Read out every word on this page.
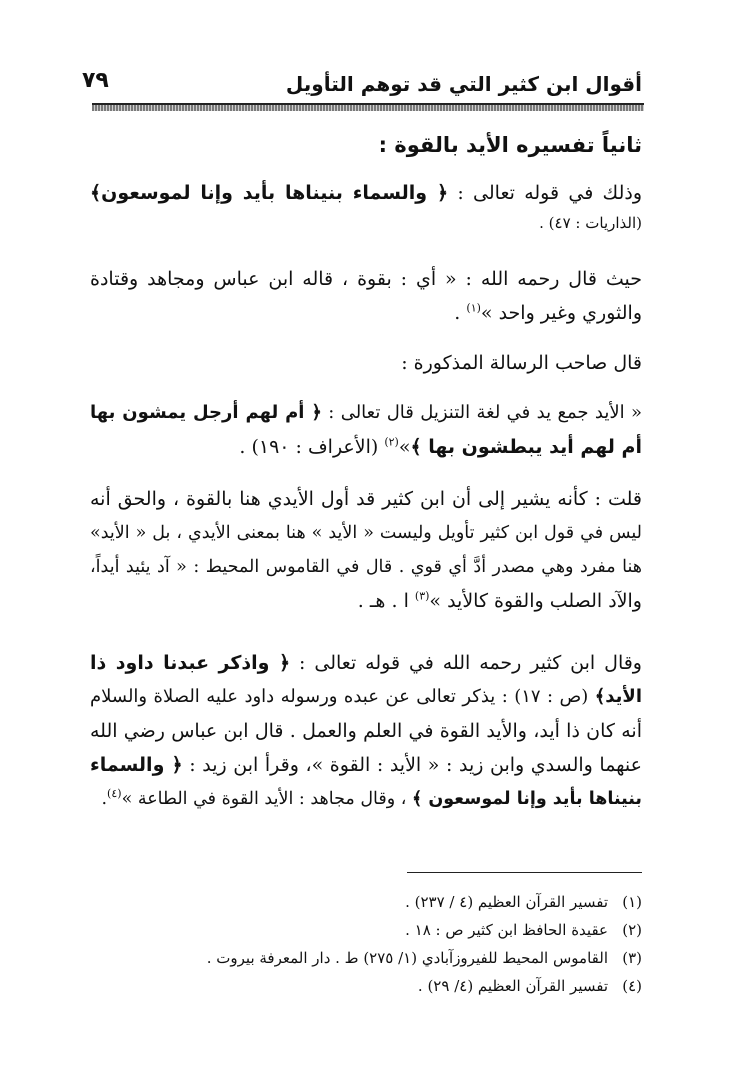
أقوال ابن كثير التي قد توهم التأويل
٧٩
ثانياً تفسيره الأيد بالقوة :
وذلك في قوله تعالى : ﴿ والسماء بنيناها بأيد وإنا لموسعون﴾
(الذاريات : ٤٧) .
حيث قال رحمه الله : « أي : بقوة ، قاله ابن عباس ومجاهد وقتادة
والثوري وغير واحد »$^{(١)}$ .
قال صاحب الرسالة المذكورة :
« الأيد جمع يد في لغة التنزيل قال تعالى : ﴿ أم لهم أرجل يمشون بها
أم لهم أيد يبطشون بها ﴾»$^{(٢)}$ (الأعراف : ١٩٠) .
قلت : كأنه يشير إلى أن ابن كثير قد أول الأيدي هنا بالقوة ، والحق أنه
ليس في قول ابن كثير تأويل وليست « الأيد » هنا بمعنى الأيدي ، بل « الأيد»
هنا مفرد وهي مصدر أدَّ أي قوي . قال في القاموس المحيط : « آد يئيد أيداً،
والآد الصلب والقوة كالأيد »$^{(٣)}$ ا . هـ .
وقال ابن كثير رحمه الله في قوله تعالى : ﴿ واذكر عبدنا داود ذا
الأيد﴾ (ص : ١٧) : يذكر تعالى عن عبده ورسوله داود عليه الصلاة والسلام
أنه كان ذا أيد، والأيد القوة في العلم والعمل . قال ابن عباس رضي الله
عنهما والسدي وابن زيد : « الأيد : القوة »، وقرأ ابن زيد : ﴿ والسماء
بنيناها بأيد وإنا لموسعون ﴾ ، وقال مجاهد : الأيد القوة في الطاعة »$^{(٤)}$.
(١)تفسير القرآن العظيم (٤ / ٢٣٧) .
(٢)عقيدة الحافظ ابن كثير ص : ١٨ .
(٣)القاموس المحيط للفيروزآبادي (١/ ٢٧٥) ط . دار المعرفة بيروت .
(٤)تفسير القرآن العظيم (٤/ ٢٩) .
